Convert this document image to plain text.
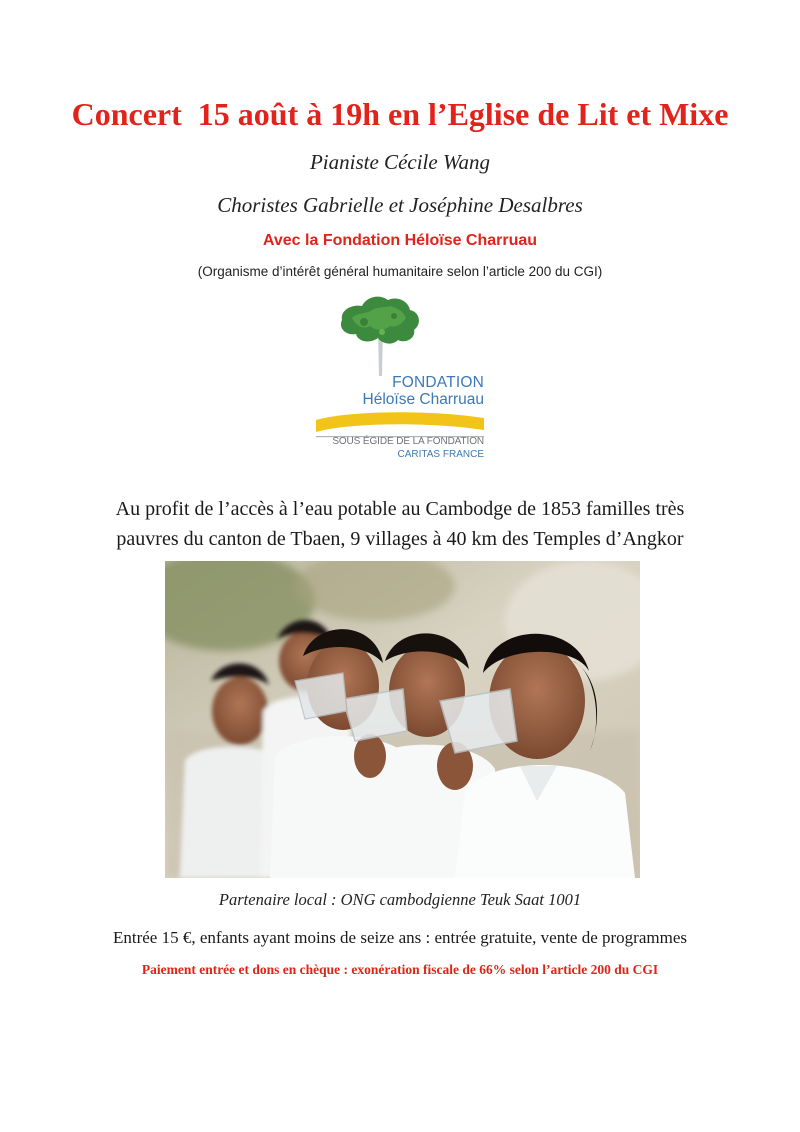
Concert  15 août à 19h en l’Eglise de Lit et Mixe

Pianiste Cécile Wang

Choristes Gabrielle et Joséphine Desalbres

Avec la Fondation Héloïse Charruau

(Organisme d’intérêt général humanitaire selon l’article 200 du CGI)

FONDATION

Héloïse Charruau

SOUS ÉGIDE DE LA FONDATION

CARITAS FRANCE

Au profit de l’accès à l’eau potable au Cambodge de 1853 familles très
pauvres du canton de Tbaen, 9 villages à 40 km des Temples d’Angkor

Partenaire local : ONG cambodgienne Teuk Saat 1001

Entrée 15 €, enfants ayant moins de seize ans : entrée gratuite, vente de programmes

Paiement entrée et dons en chèque : exonération fiscale de 66% selon l’article 200 du CGI
